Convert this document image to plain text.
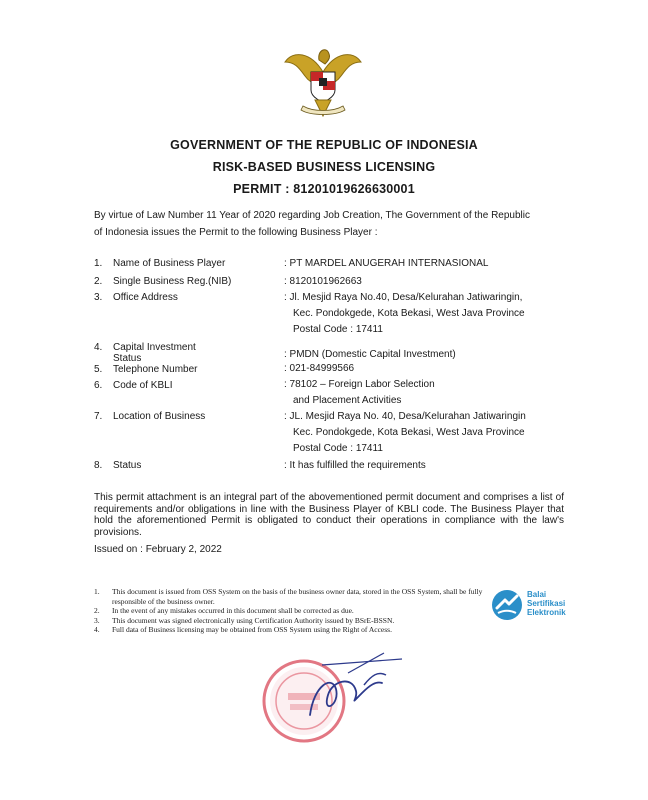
GOVERNMENT OF THE REPUBLIC OF INDONESIA
RISK-BASED BUSINESS LICENSING
PERMIT : 81201019626630001
By virtue of Law Number 11 Year of 2020 regarding Job Creation, The Government of the Republic
of Indonesia issues the Permit to the following Business Player :
1. Name of Business Player	: PT MARDEL ANUGERAH INTERNASIONAL
2. Single Business Reg.(NIB)	: 8120101962663
3. Office Address	: Jl. Mesjid Raya No.40, Desa/Kelurahan Jatiwaringin,
Kec. Pondokgede, Kota Bekasi, West Java Province
Postal Code : 17411
4. Capital Investment
Status	: PMDN (Domestic Capital Investment)
5. Telephone Number	: 021-84999566
6. Code of KBLI	: 78102 – Foreign Labor Selection
and Placement Activities
7. Location of Business	: JL. Mesjid Raya No. 40, Desa/Kelurahan Jatiwaringin
Kec. Pondokgede, Kota Bekasi, West Java Province
Postal Code : 17411
8. Status	: It has fulfilled the requirements
This permit attachment is an integral part of the abovementioned permit document and comprises a list of requirements and/or obligations in line with the Business Player of KBLI code. The Business Player that hold the aforementioned Permit is obligated to conduct their operations in compliance with the law's provisions.
Issued on : February 2, 2022
1. This document is issued from OSS System on the basis of the business owner data, stored in the OSS System, shall be fully responsible of the business owner.
2. In the event of any mistakes occurred in this document shall be corrected as due.
3. This document was signed electronically using Certification Authority issued by BSrE-BSSN.
4. Full data of Business licensing may be obtained from OSS System using the Right of Access.
Balai
Sertifikasi
Elektronik
